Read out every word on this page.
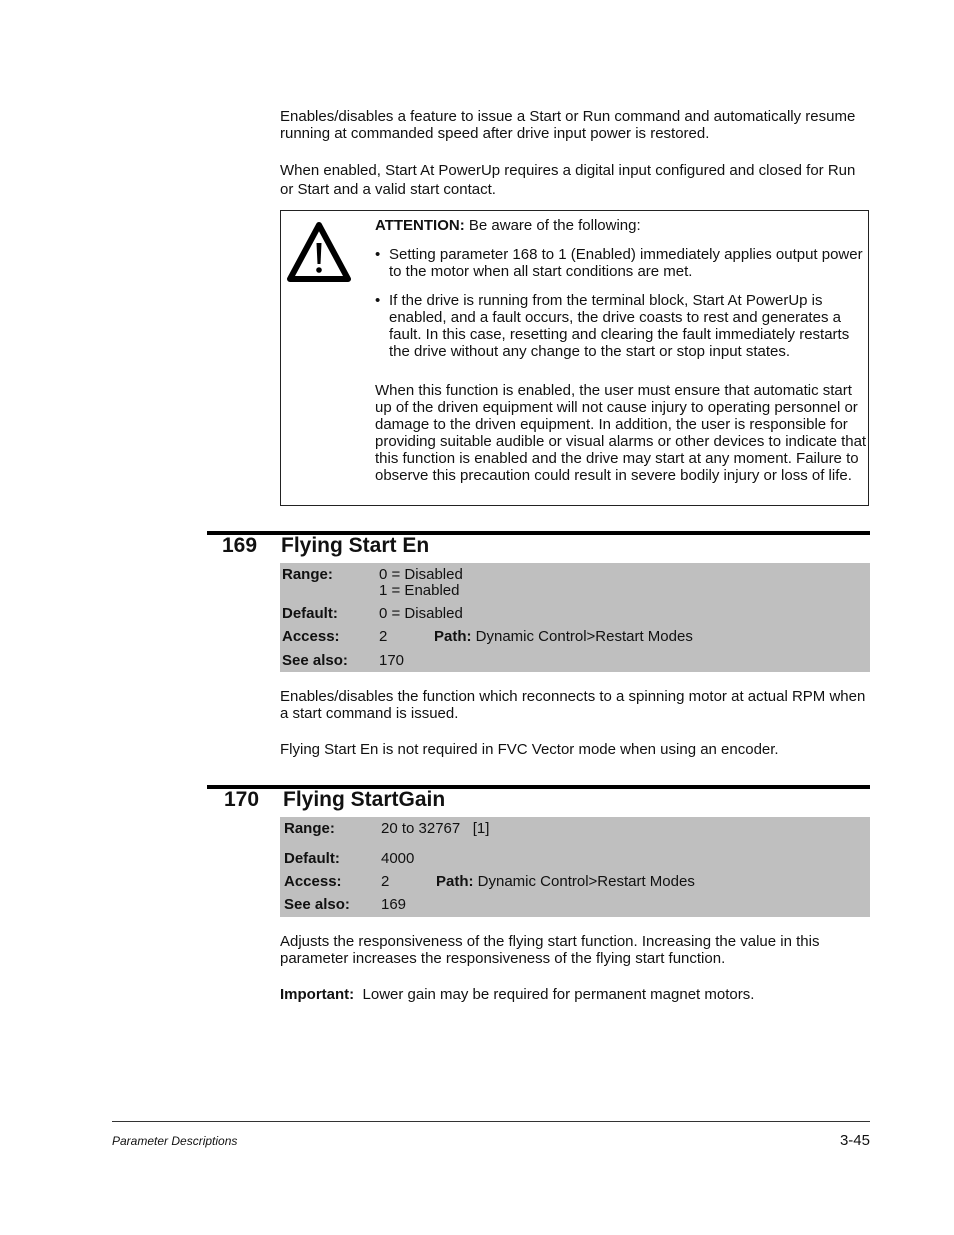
Enables/disables a feature to issue a Start or Run command and automatically resume running at commanded speed after drive input power is restored.

When enabled, Start At PowerUp requires a digital input configured and closed for Run or Start and a valid start contact.

ATTENTION: Be aware of the following:

• Setting parameter 168 to 1 (Enabled) immediately applies output power to the motor when all start conditions are met.
• If the drive is running from the terminal block, Start At PowerUp is enabled, and a fault occurs, the drive coasts to rest and generates a fault. In this case, resetting and clearing the fault immediately restarts the drive without any change to the start or stop input states.

When this function is enabled, the user must ensure that automatic start up of the driven equipment will not cause injury to operating personnel or damage to the driven equipment. In addition, the user is responsible for providing suitable audible or visual alarms or other devices to indicate that this function is enabled and the drive may start at any moment. Failure to observe this precaution could result in severe bodily injury or loss of life.

169 Flying Start En
Range:	0 = Disabled
1 = Enabled
Default:	0 = Disabled
Access:	2	Path: Dynamic Control>Restart Modes
See also: 170

Enables/disables the function which reconnects to a spinning motor at actual RPM when a start command is issued.

Flying Start En is not required in FVC Vector mode when using an encoder.

170 Flying StartGain
Range:	20 to 32767   [1]
Default:	4000
Access:	2	Path: Dynamic Control>Restart Modes
See also: 169

Adjusts the responsiveness of the flying start function. Increasing the value in this parameter increases the responsiveness of the flying start function.

Important:  Lower gain may be required for permanent magnet motors.

Parameter Descriptions	3-45
